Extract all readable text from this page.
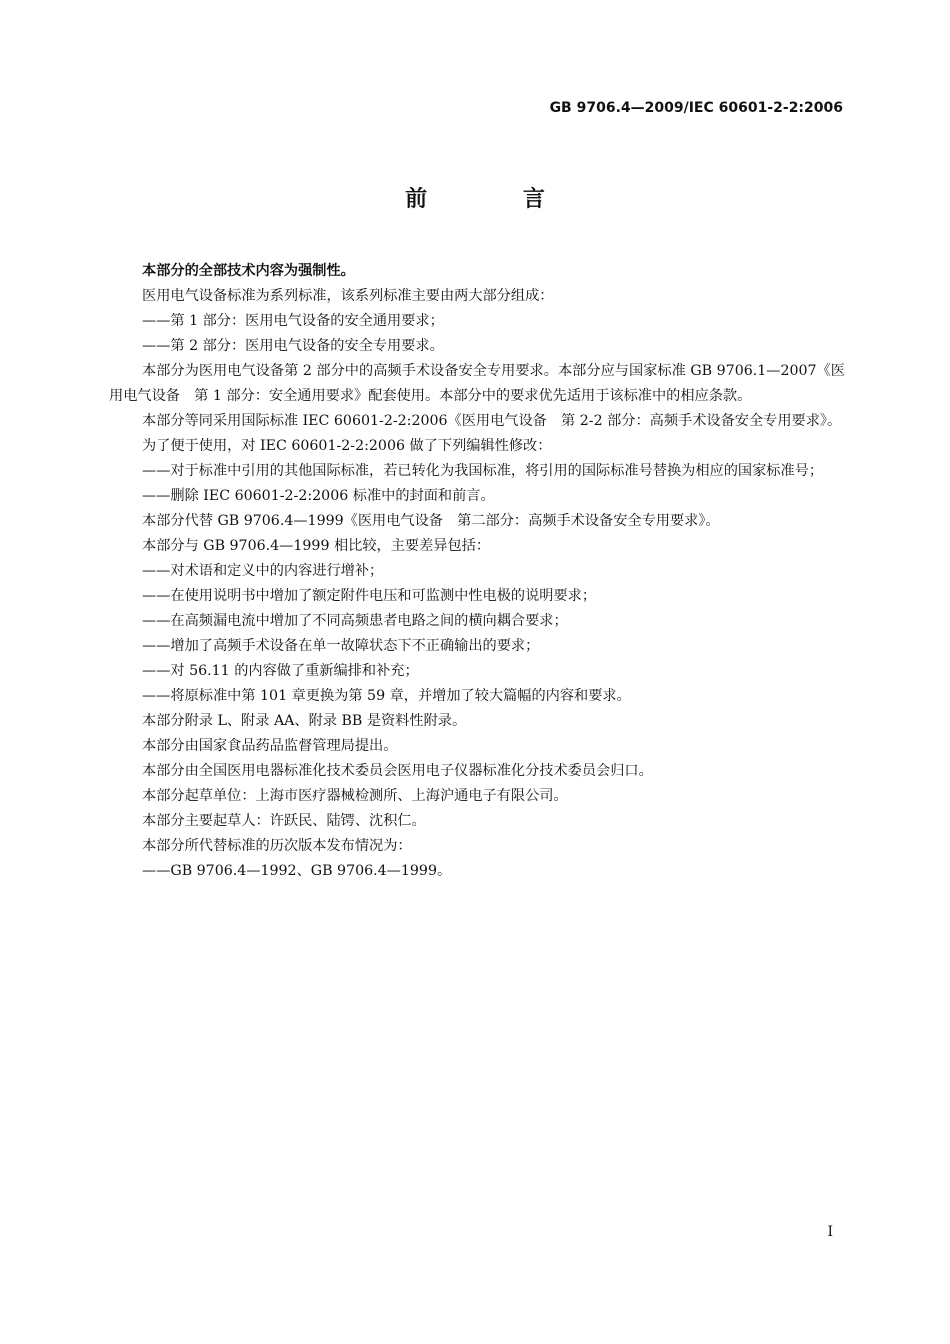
GB 9706.4—2009/IEC 60601-2-2:2006
前 言

本部分的全部技术内容为强制性。

医用电气设备标准为系列标准，该系列标准主要由两大部分组成：

——第 1 部分：医用电气设备的安全通用要求；

——第 2 部分：医用电气设备的安全专用要求。

本部分为医用电气设备第 2 部分中的高频手术设备安全专用要求。本部分应与国家标准 GB 9706.1—2007《医用电气设备　第 1 部分：安全通用要求》配套使用。本部分中的要求优先适用于该标准中的相应条款。

本部分等同采用国际标准 IEC 60601-2-2:2006《医用电气设备　第 2-2 部分：高频手术设备安全专用要求》。

为了便于使用，对 IEC 60601-2-2:2006 做了下列编辑性修改：

——对于标准中引用的其他国际标准，若已转化为我国标准，将引用的国际标准号替换为相应的国家标准号；

——删除 IEC 60601-2-2:2006 标准中的封面和前言。

本部分代替 GB 9706.4—1999《医用电气设备　第二部分：高频手术设备安全专用要求》。

本部分与 GB 9706.4—1999 相比较，主要差异包括：

——对术语和定义中的内容进行增补；

——在使用说明书中增加了额定附件电压和可监测中性电极的说明要求；

——在高频漏电流中增加了不同高频患者电路之间的横向耦合要求；

——增加了高频手术设备在单一故障状态下不正确输出的要求；

——对 56.11 的内容做了重新编排和补充；

——将原标准中第 101 章更换为第 59 章，并增加了较大篇幅的内容和要求。

本部分附录 L、附录 AA、附录 BB 是资料性附录。

本部分由国家食品药品监督管理局提出。

本部分由全国医用电器标准化技术委员会医用电子仪器标准化分技术委员会归口。

本部分起草单位：上海市医疗器械检测所、上海沪通电子有限公司。

本部分主要起草人：许跃民、陆锷、沈积仁。

本部分所代替标准的历次版本发布情况为：

——GB 9706.4—1992、GB 9706.4—1999。

I
